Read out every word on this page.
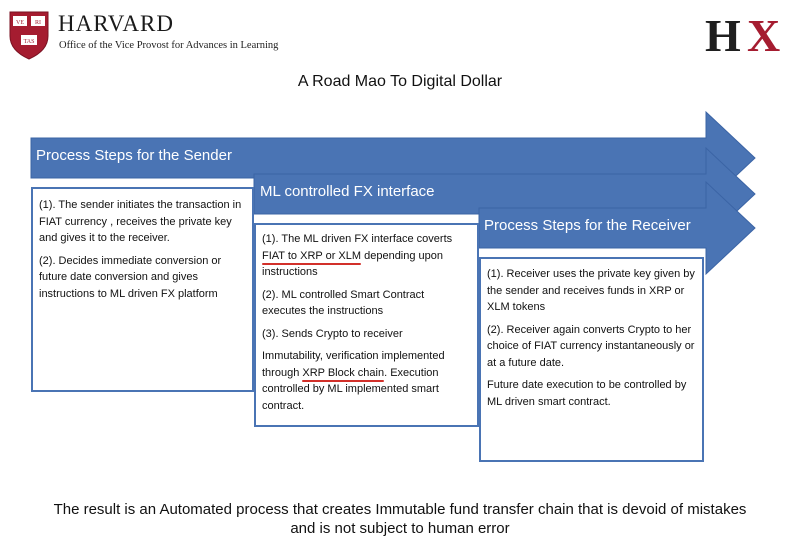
VE RI
TAS
HARVARD
Office of the Vice Provost for Advances in Learning	H X
A Road Mao To Digital Dollar
Process Steps for the Sender
ML controlled FX interface
Process Steps for the Receiver

(1). The sender initiates the transaction in FIAT currency , receives the private key and gives it to the receiver.

(2). Decides immediate conversion or future date conversion and gives instructions to ML driven FX platform

(1). The ML driven FX interface coverts FIAT to XRP or XLM depending upon instructions

(2). ML controlled Smart Contract executes the instructions

(3). Sends Crypto to receiver

Immutability, verification implemented through XRP Block chain. Execution controlled by ML implemented smart contract.

(1). Receiver uses the private key given by the sender and receives funds in XRP or XLM tokens

(2). Receiver again converts Crypto to her choice of FIAT currency instantaneously or at a future date.

Future date execution to be controlled by ML driven smart contract.

The result is an Automated process that creates Immutable fund transfer chain that is devoid of mistakes and is not subject to human error
